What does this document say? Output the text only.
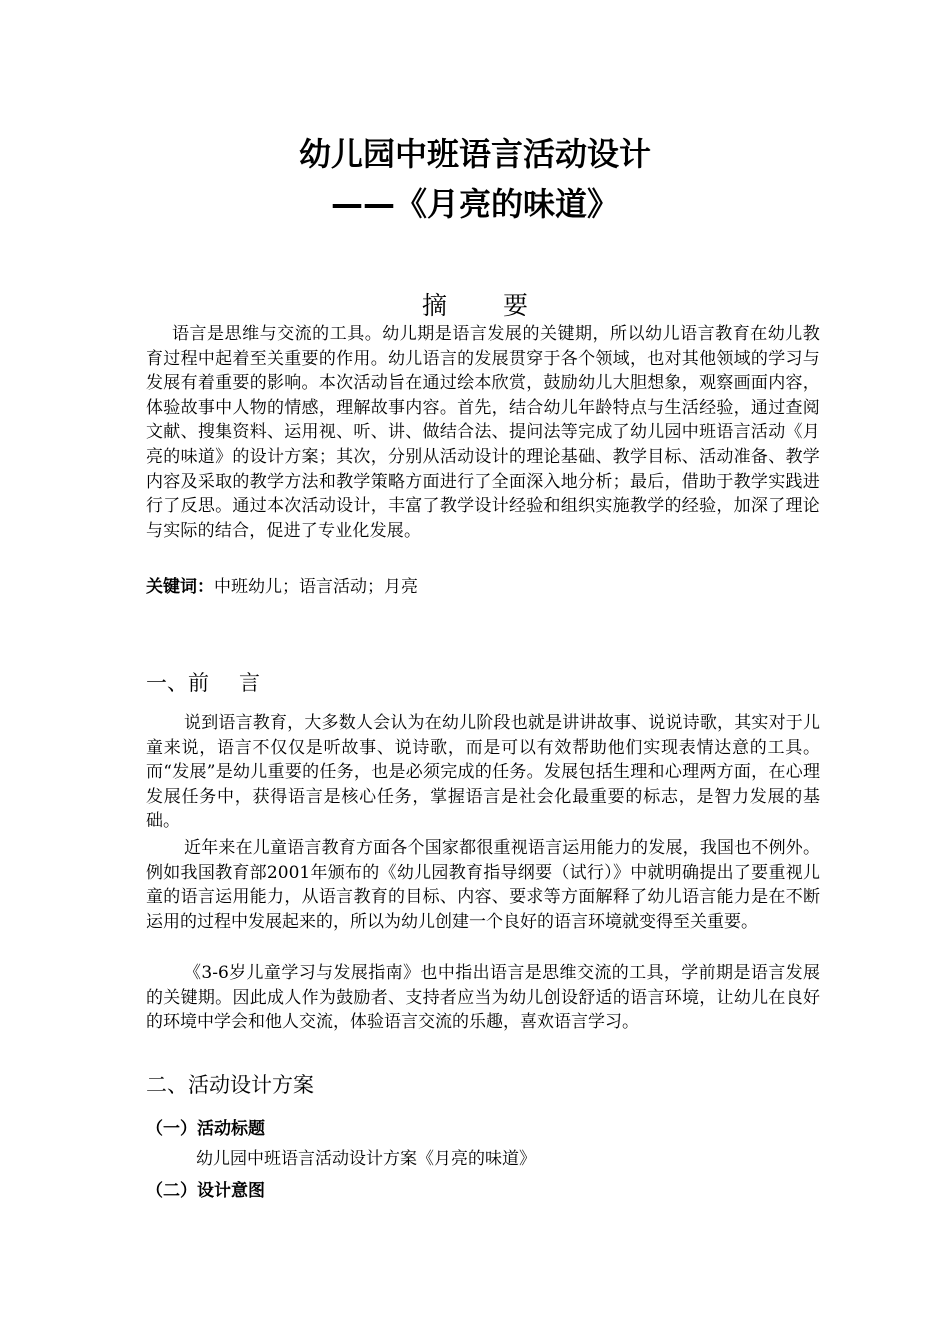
幼儿园中班语言活动设计
——《月亮的味道》
摘 要

语言是思维与交流的工具。幼儿期是语言发展的关键期，所以幼儿语言教育在幼儿教育过程中起着至关重要的作用。幼儿语言的发展贯穿于各个领域，也对其他领域的学习与发展有着重要的影响。本次活动旨在通过绘本欣赏，鼓励幼儿大胆想象，观察画面内容，体验故事中人物的情感，理解故事内容。首先，结合幼儿年龄特点与生活经验，通过查阅文献、搜集资料、运用视、听、讲、做结合法、提问法等完成了幼儿园中班语言活动《月亮的味道》的设计方案；其次，分别从活动设计的理论基础、教学目标、活动准备、教学内容及采取的教学方法和教学策略方面进行了全面深入地分析；最后，借助于教学实践进行了反思。通过本次活动设计，丰富了教学设计经验和组织实施教学的经验，加深了理论与实际的结合，促进了专业化发展。

关键词：中班幼儿；语言活动；月亮
一、前 言

说到语言教育，大多数人会认为在幼儿阶段也就是讲讲故事、说说诗歌，其实对于儿童来说，语言不仅仅是听故事、说诗歌，而是可以有效帮助他们实现表情达意的工具。而“发展”是幼儿重要的任务，也是必须完成的任务。发展包括生理和心理两方面，在心理发展任务中，获得语言是核心任务，掌握语言是社会化最重要的标志，是智力发展的基础。

近年来在儿童语言教育方面各个国家都很重视语言运用能力的发展，我国也不例外。例如我国教育部2001年颁布的《幼儿园教育指导纲要（试行）》中就明确提出了要重视儿童的语言运用能力，从语言教育的目标、内容、要求等方面解释了幼儿语言能力是在不断运用的过程中发展起来的，所以为幼儿创建一个良好的语言环境就变得至关重要。

《3-6岁儿童学习与发展指南》也中指出语言是思维交流的工具，学前期是语言发展的关键期。因此成人作为鼓励者、支持者应当为幼儿创设舒适的语言环境，让幼儿在良好的环境中学会和他人交流，体验语言交流的乐趣，喜欢语言学习。

二、活动设计方案
（一）活动标题
幼儿园中班语言活动设计方案《月亮的味道》
（二）设计意图
